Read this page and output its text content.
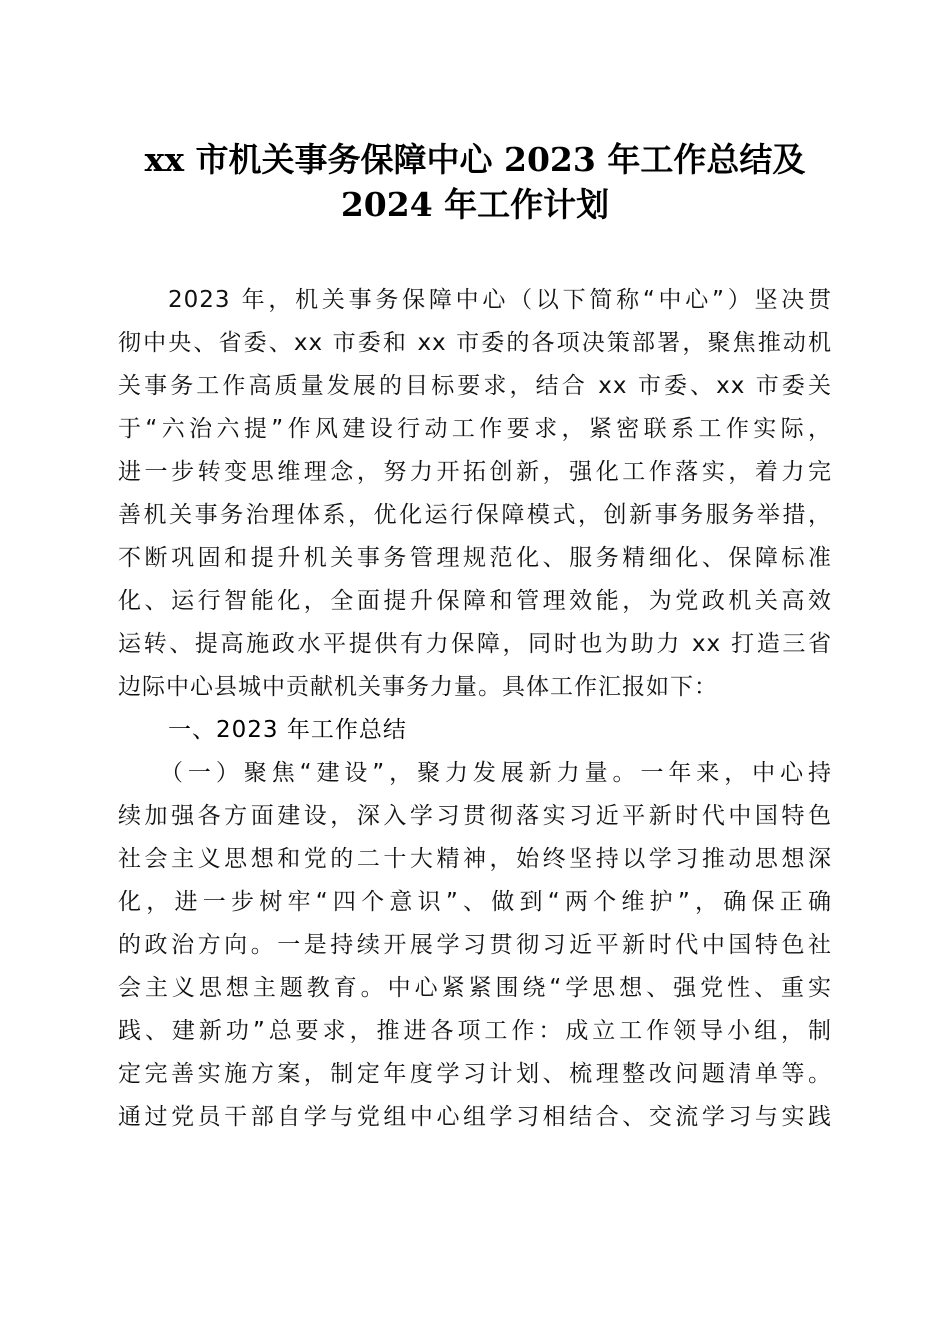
xx 市机关事务保障中心 2023 年工作总结及
2024 年工作计划
2023 年，机关事务保障中心（以下简称“中心”）坚决贯
彻中央、省委、xx 市委和 xx 市委的各项决策部署，聚焦推动机
关事务工作高质量发展的目标要求，结合 xx 市委、xx 市委关
于“六治六提”作风建设行动工作要求，紧密联系工作实际，
进一步转变思维理念，努力开拓创新，强化工作落实，着力完
善机关事务治理体系，优化运行保障模式，创新事务服务举措，
不断巩固和提升机关事务管理规范化、服务精细化、保障标准
化、运行智能化，全面提升保障和管理效能，为党政机关高效
运转、提高施政水平提供有力保障，同时也为助力 xx 打造三省
边际中心县城中贡献机关事务力量。具体工作汇报如下：
一、2023 年工作总结
（一）聚焦“建设”，聚力发展新力量。一年来，中心持
续加强各方面建设，深入学习贯彻落实习近平新时代中国特色
社会主义思想和党的二十大精神，始终坚持以学习推动思想深
化，进一步树牢“四个意识”、做到“两个维护”，确保正确
的政治方向。一是持续开展学习贯彻习近平新时代中国特色社
会主义思想主题教育。中心紧紧围绕“学思想、强党性、重实
践、建新功”总要求，推进各项工作：成立工作领导小组，制
定完善实施方案，制定年度学习计划、梳理整改问题清单等。
通过党员干部自学与党组中心组学习相结合、交流学习与实践
